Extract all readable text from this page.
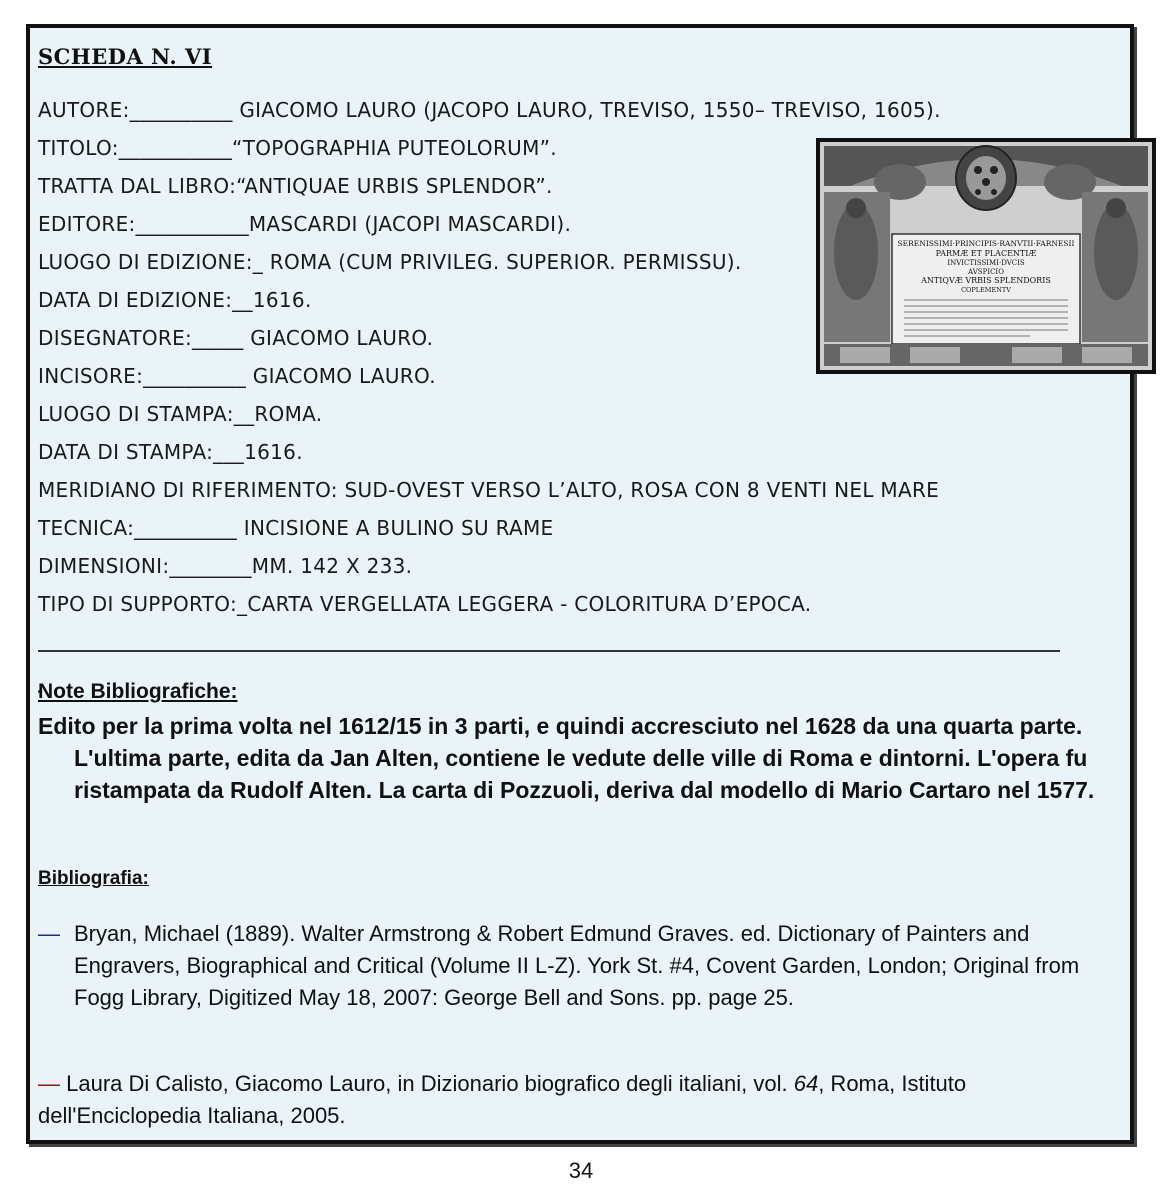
SCHEDA N. VI
AUTORE:__________ GIACOMO LAURO (JACOPO LAURO, TREVISO, 1550– TREVISO, 1605).
TITOLO:___________“TOPOGRAPHIA PUTEOLORUM”.
TRATTA DAL LIBRO:“ANTIQUAE URBIS SPLENDOR”.
EDITORE:___________MASCARDI (JACOPI MASCARDI).
LUOGO DI EDIZIONE:_ ROMA (CUM PRIVILEG. SUPERIOR. PERMISSU).
DATA DI EDIZIONE:__1616.
DISEGNATORE:_____ GIACOMO LAURO.
INCISORE:__________ GIACOMO LAURO.
LUOGO DI STAMPA:__ROMA.
DATA DI STAMPA:___1616.
MERIDIANO DI RIFERIMENTO: SUD-OVEST VERSO L’ALTO, ROSA CON 8 VENTI NEL MARE
TECNICA:__________ INCISIONE A BULINO SU RAME
DIMENSIONI:________MM. 142 X 233.
TIPO DI SUPPORTO:_CARTA VERGELLATA LEGGERA - COLORITURA D’EPOCA.
SERENISSIMI·PRINCIPIS·RANVTII·FARNESII
PARMÆ ET PLACENTIÆ
INVICTISSIMI·DVCIS
AVSPICIO
ANTIQVÆ VRBIS SPLENDORIS
COPLEMENTV
Note Bibliografiche:
Edito per la prima volta nel 1612/15 in 3 parti, e quindi accresciuto nel 1628 da una quarta parte. L'ultima parte, edita da Jan Alten, contiene le vedute delle ville di Roma e dintorni. L'opera fu ristampata da Rudolf Alten. La carta di Pozzuoli, deriva dal modello di Mario Cartaro nel 1577.
Bibliografia:
— Bryan, Michael (1889). Walter Armstrong & Robert Edmund Graves. ed. Dictionary of Painters and Engravers, Biographical and Critical (Volume II L-Z). York St. #4, Covent Garden, London; Original from Fogg Library, Digitized May 18, 2007: George Bell and Sons. pp. page 25.
— Laura Di Calisto, Giacomo Lauro, in Dizionario biografico degli italiani, vol. 64, Roma, Istituto dell'Enciclopedia Italiana, 2005.
34
